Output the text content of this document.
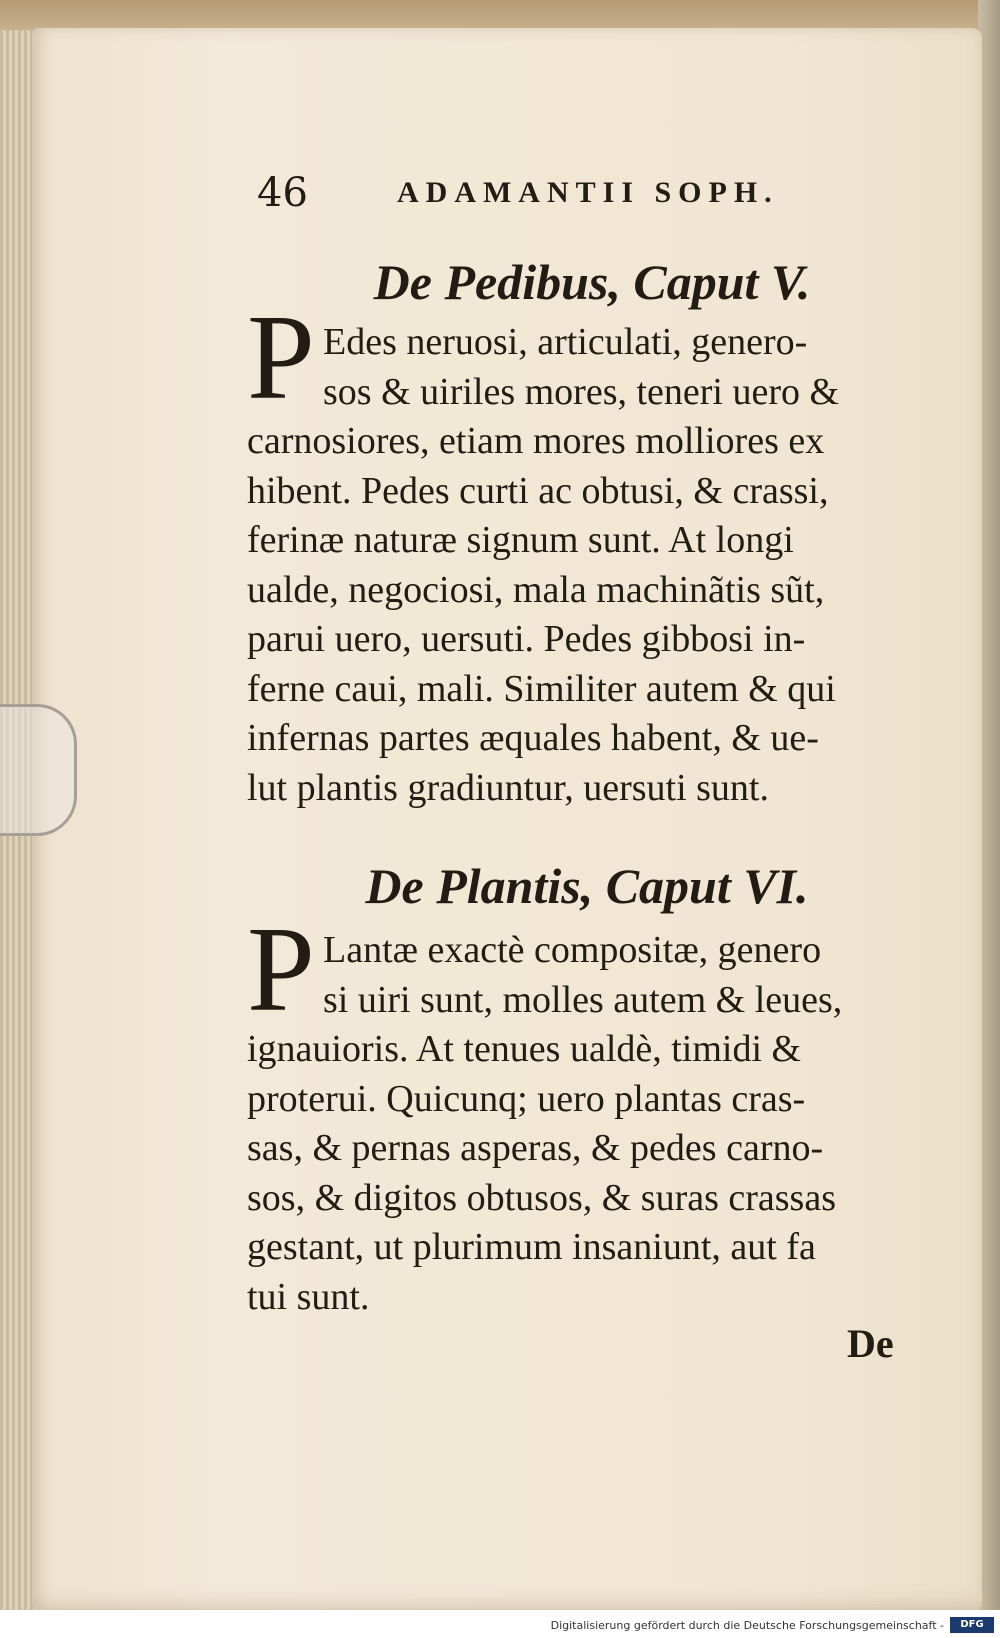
46	ADAMANTII SOPH.
De Pedibus, Caput V.
P Edes neruosi, articulati, genero-
sos & uiriles mores, teneri uero &
carnosiores, etiam mores molliores ex
hibent. Pedes curti ac obtusi, & crassi,
ferinæ naturæ signum sunt. At longi
ualde, negociosi, mala machinãtis sũt,
parui uero, uersuti. Pedes gibbosi in-
ferne caui, mali. Similiter autem & qui
infernas partes æquales habent, & ue-
lut plantis gradiuntur, uersuti sunt.
De Plantis, Caput VI.
P Lantæ exactè compositæ, genero
si uiri sunt, molles autem & leues,
ignauioris. At tenues ualdè, timidi &
proterui. Quicunq; uero plantas cras-
sas, & pernas asperas, & pedes carno-
sos, & digitos obtusos, & suras crassas
gestant, ut plurimum insaniunt, aut fa
tui sunt.
De
Digitalisierung gefördert durch die Deutsche Forschungsgemeinschaft -	DFG
